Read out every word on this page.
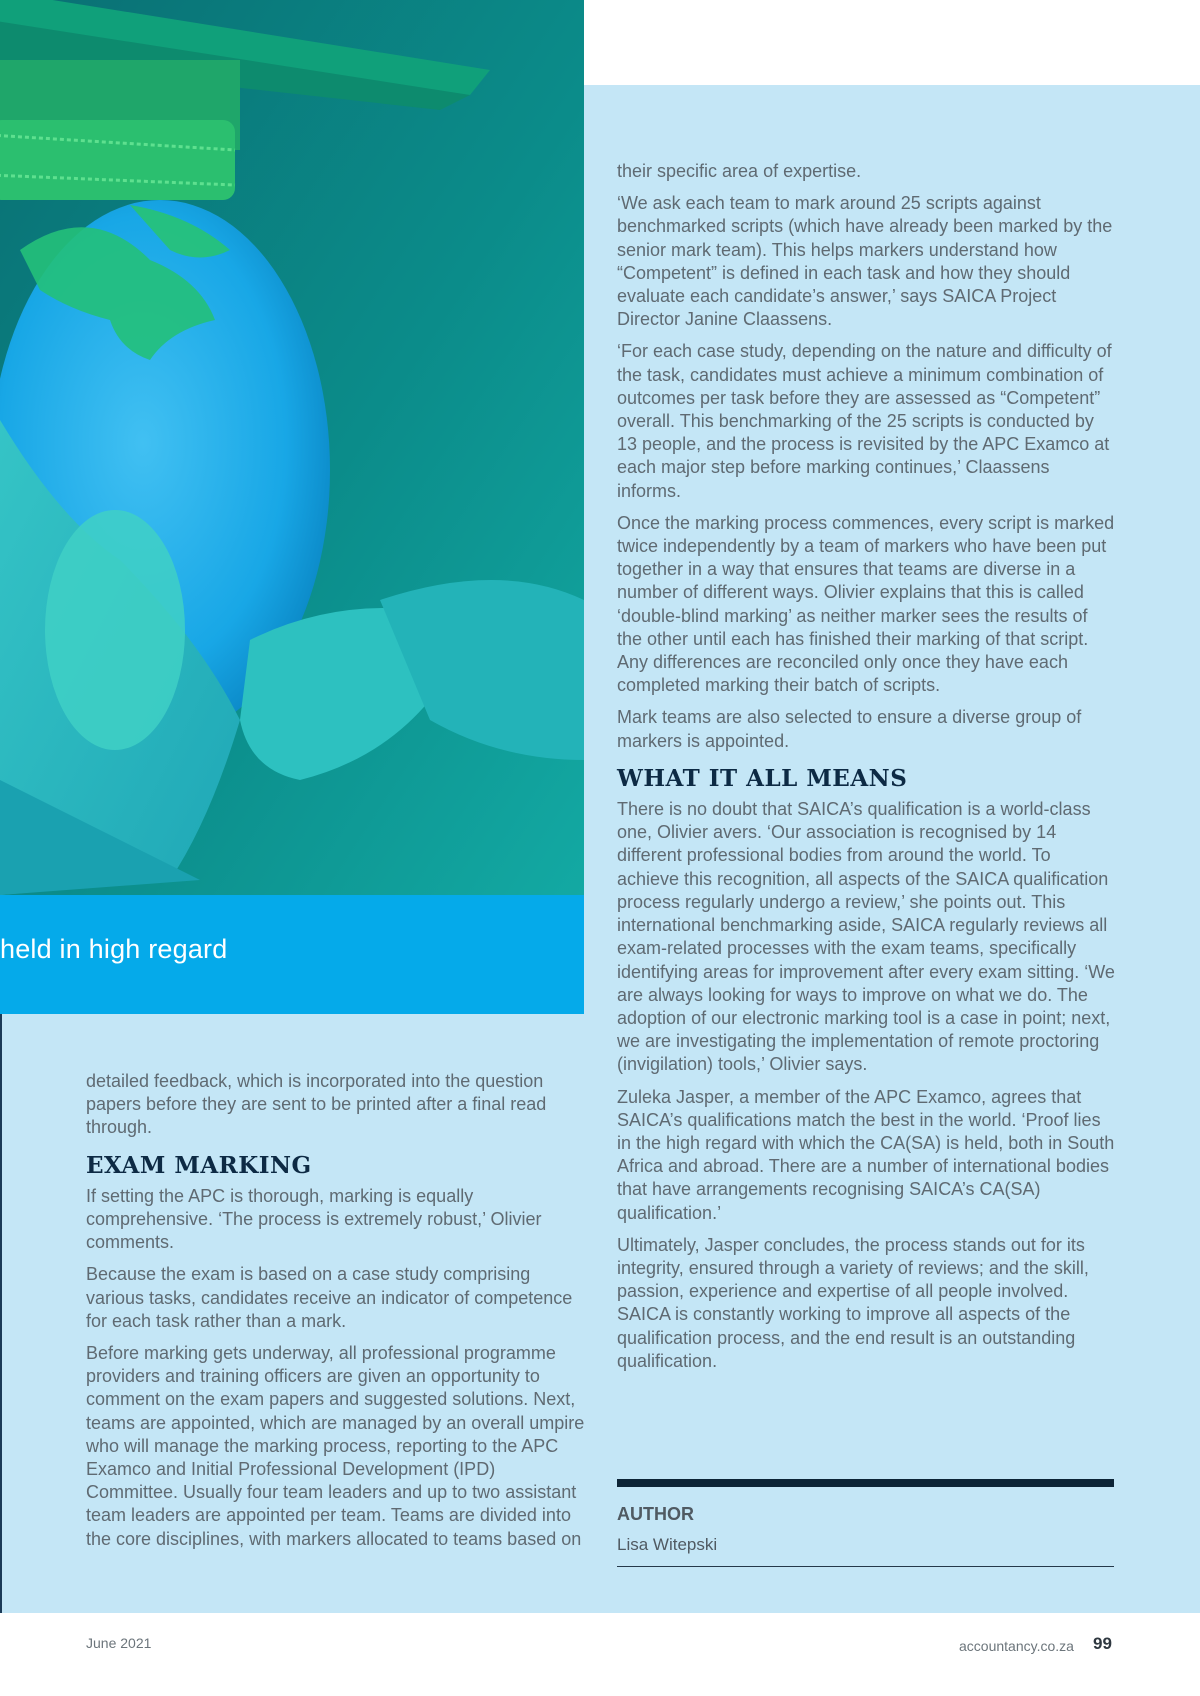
held in high regard

detailed feedback, which is incorporated into the question papers before they are sent to be printed after a final read through.

EXAM MARKING

If setting the APC is thorough, marking is equally comprehensive. ‘The process is extremely robust,’ Olivier comments.

Because the exam is based on a case study comprising various tasks, candidates receive an indicator of competence for each task rather than a mark.

Before marking gets underway, all professional programme providers and training officers are given an opportunity to comment on the exam papers and suggested solutions. Next, teams are appointed, which are managed by an overall umpire who will manage the marking process, reporting to the APC Examco and Initial Professional Development (IPD) Committee. Usually four team leaders and up to two assistant team leaders are appointed per team. Teams are divided into the core disciplines, with markers allocated to teams based on

their specific area of expertise.

‘We ask each team to mark around 25 scripts against benchmarked scripts (which have already been marked by the senior mark team). This helps markers understand how “Competent” is defined in each task and how they should evaluate each candidate’s answer,’ says SAICA Project Director Janine Claassens.

‘For each case study, depending on the nature and difficulty of the task, candidates must achieve a minimum combination of outcomes per task before they are assessed as “Competent” overall. This benchmarking of the 25 scripts is conducted by 13 people, and the process is revisited by the APC Examco at each major step before marking continues,’ Claassens informs.

Once the marking process commences, every script is marked twice independently by a team of markers who have been put together in a way that ensures that teams are diverse in a number of different ways. Olivier explains that this is called ‘double-blind marking’ as neither marker sees the results of the other until each has finished their marking of that script. Any differences are reconciled only once they have each completed marking their batch of scripts.

Mark teams are also selected to ensure a diverse group of markers is appointed.

WHAT IT ALL MEANS

There is no doubt that SAICA’s qualification is a world-class one, Olivier avers. ‘Our association is recognised by 14 different professional bodies from around the world. To achieve this recognition, all aspects of the SAICA qualification process regularly undergo a review,’ she points out. This international benchmarking aside, SAICA regularly reviews all exam-related processes with the exam teams, specifically identifying areas for improvement after every exam sitting. ‘We are always looking for ways to improve on what we do. The adoption of our electronic marking tool is a case in point; next, we are investigating the implementation of remote proctoring (invigilation) tools,’ Olivier says.

Zuleka Jasper, a member of the APC Examco, agrees that SAICA’s qualifications match the best in the world. ‘Proof lies in the high regard with which the CA(SA) is held, both in South Africa and abroad. There are a number of international bodies that have arrangements recognising SAICA’s CA(SA) qualification.’

Ultimately, Jasper concludes, the process stands out for its integrity, ensured through a variety of reviews; and the skill, passion, experience and expertise of all people involved. SAICA is constantly working to improve all aspects of the qualification process, and the end result is an outstanding qualification.

AUTHOR
Lisa Witepski
June 2021	accountancy.co.za 99
